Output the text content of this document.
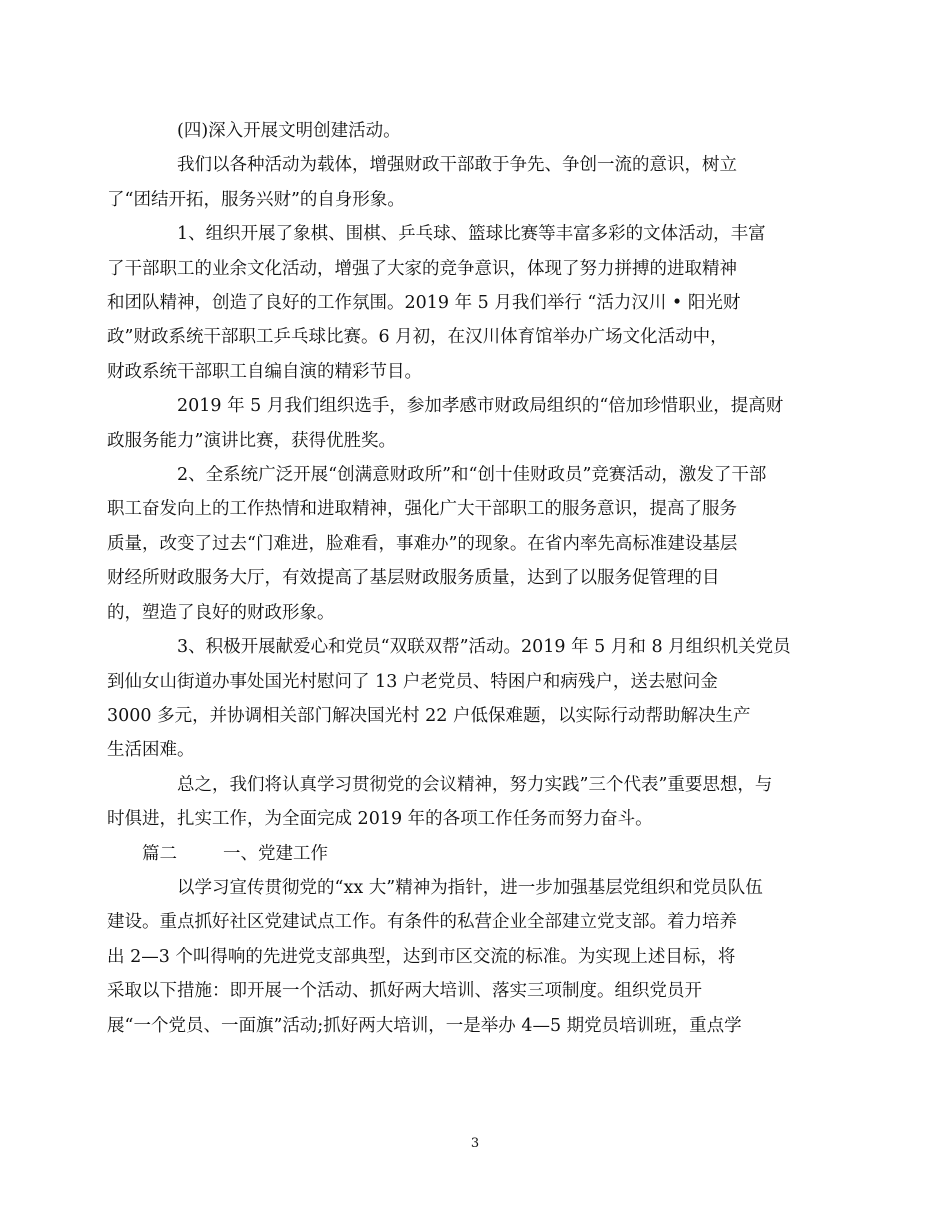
(四)深入开展文明创建活动。

我们以各种活动为载体，增强财政干部敢于争先、争创一流的意识，树立
了“团结开拓，服务兴财”的自身形象。

1、组织开展了象棋、围棋、乒乓球、篮球比赛等丰富多彩的文体活动，丰富
了干部职工的业余文化活动，增强了大家的竞争意识，体现了努力拼搏的进取精神
和团队精神，创造了良好的工作氛围。2019 年 5 月我们举行 “活力汉川 • 阳光财
政”财政系统干部职工乒乓球比赛。6 月初，在汉川体育馆举办广场文化活动中，
财政系统干部职工自编自演的精彩节目。

2019 年 5 月我们组织选手，参加孝感市财政局组织的“倍加珍惜职业，提高财
政服务能力”演讲比赛，获得优胜奖。

2、全系统广泛开展“创满意财政所”和“创十佳财政员”竞赛活动，激发了干部
职工奋发向上的工作热情和进取精神，强化广大干部职工的服务意识，提高了服务
质量，改变了过去“门难进，脸难看，事难办”的现象。在省内率先高标准建设基层
财经所财政服务大厅，有效提高了基层财政服务质量，达到了以服务促管理的目
的，塑造了良好的财政形象。

3、积极开展献爱心和党员“双联双帮”活动。2019 年 5 月和 8 月组织机关党员
到仙女山街道办事处国光村慰问了 13 户老党员、特困户和病残户，送去慰问金
3000 多元，并协调相关部门解决国光村 22 户低保难题，以实际行动帮助解决生产
生活困难。

总之，我们将认真学习贯彻党的会议精神，努力实践”三个代表”重要思想，与
时俱进，扎实工作，为全面完成 2019 年的各项工作任务而努力奋斗。

篇二	一、党建工作

以学习宣传贯彻党的“xx 大”精神为指针，进一步加强基层党组织和党员队伍
建设。重点抓好社区党建试点工作。有条件的私营企业全部建立党支部。着力培养
出 2—3 个叫得响的先进党支部典型，达到市区交流的标准。为实现上述目标，将
采取以下措施：即开展一个活动、抓好两大培训、落实三项制度。组织党员开
展“一个党员、一面旗”活动;抓好两大培训，一是举办 4—5 期党员培训班，重点学

3
